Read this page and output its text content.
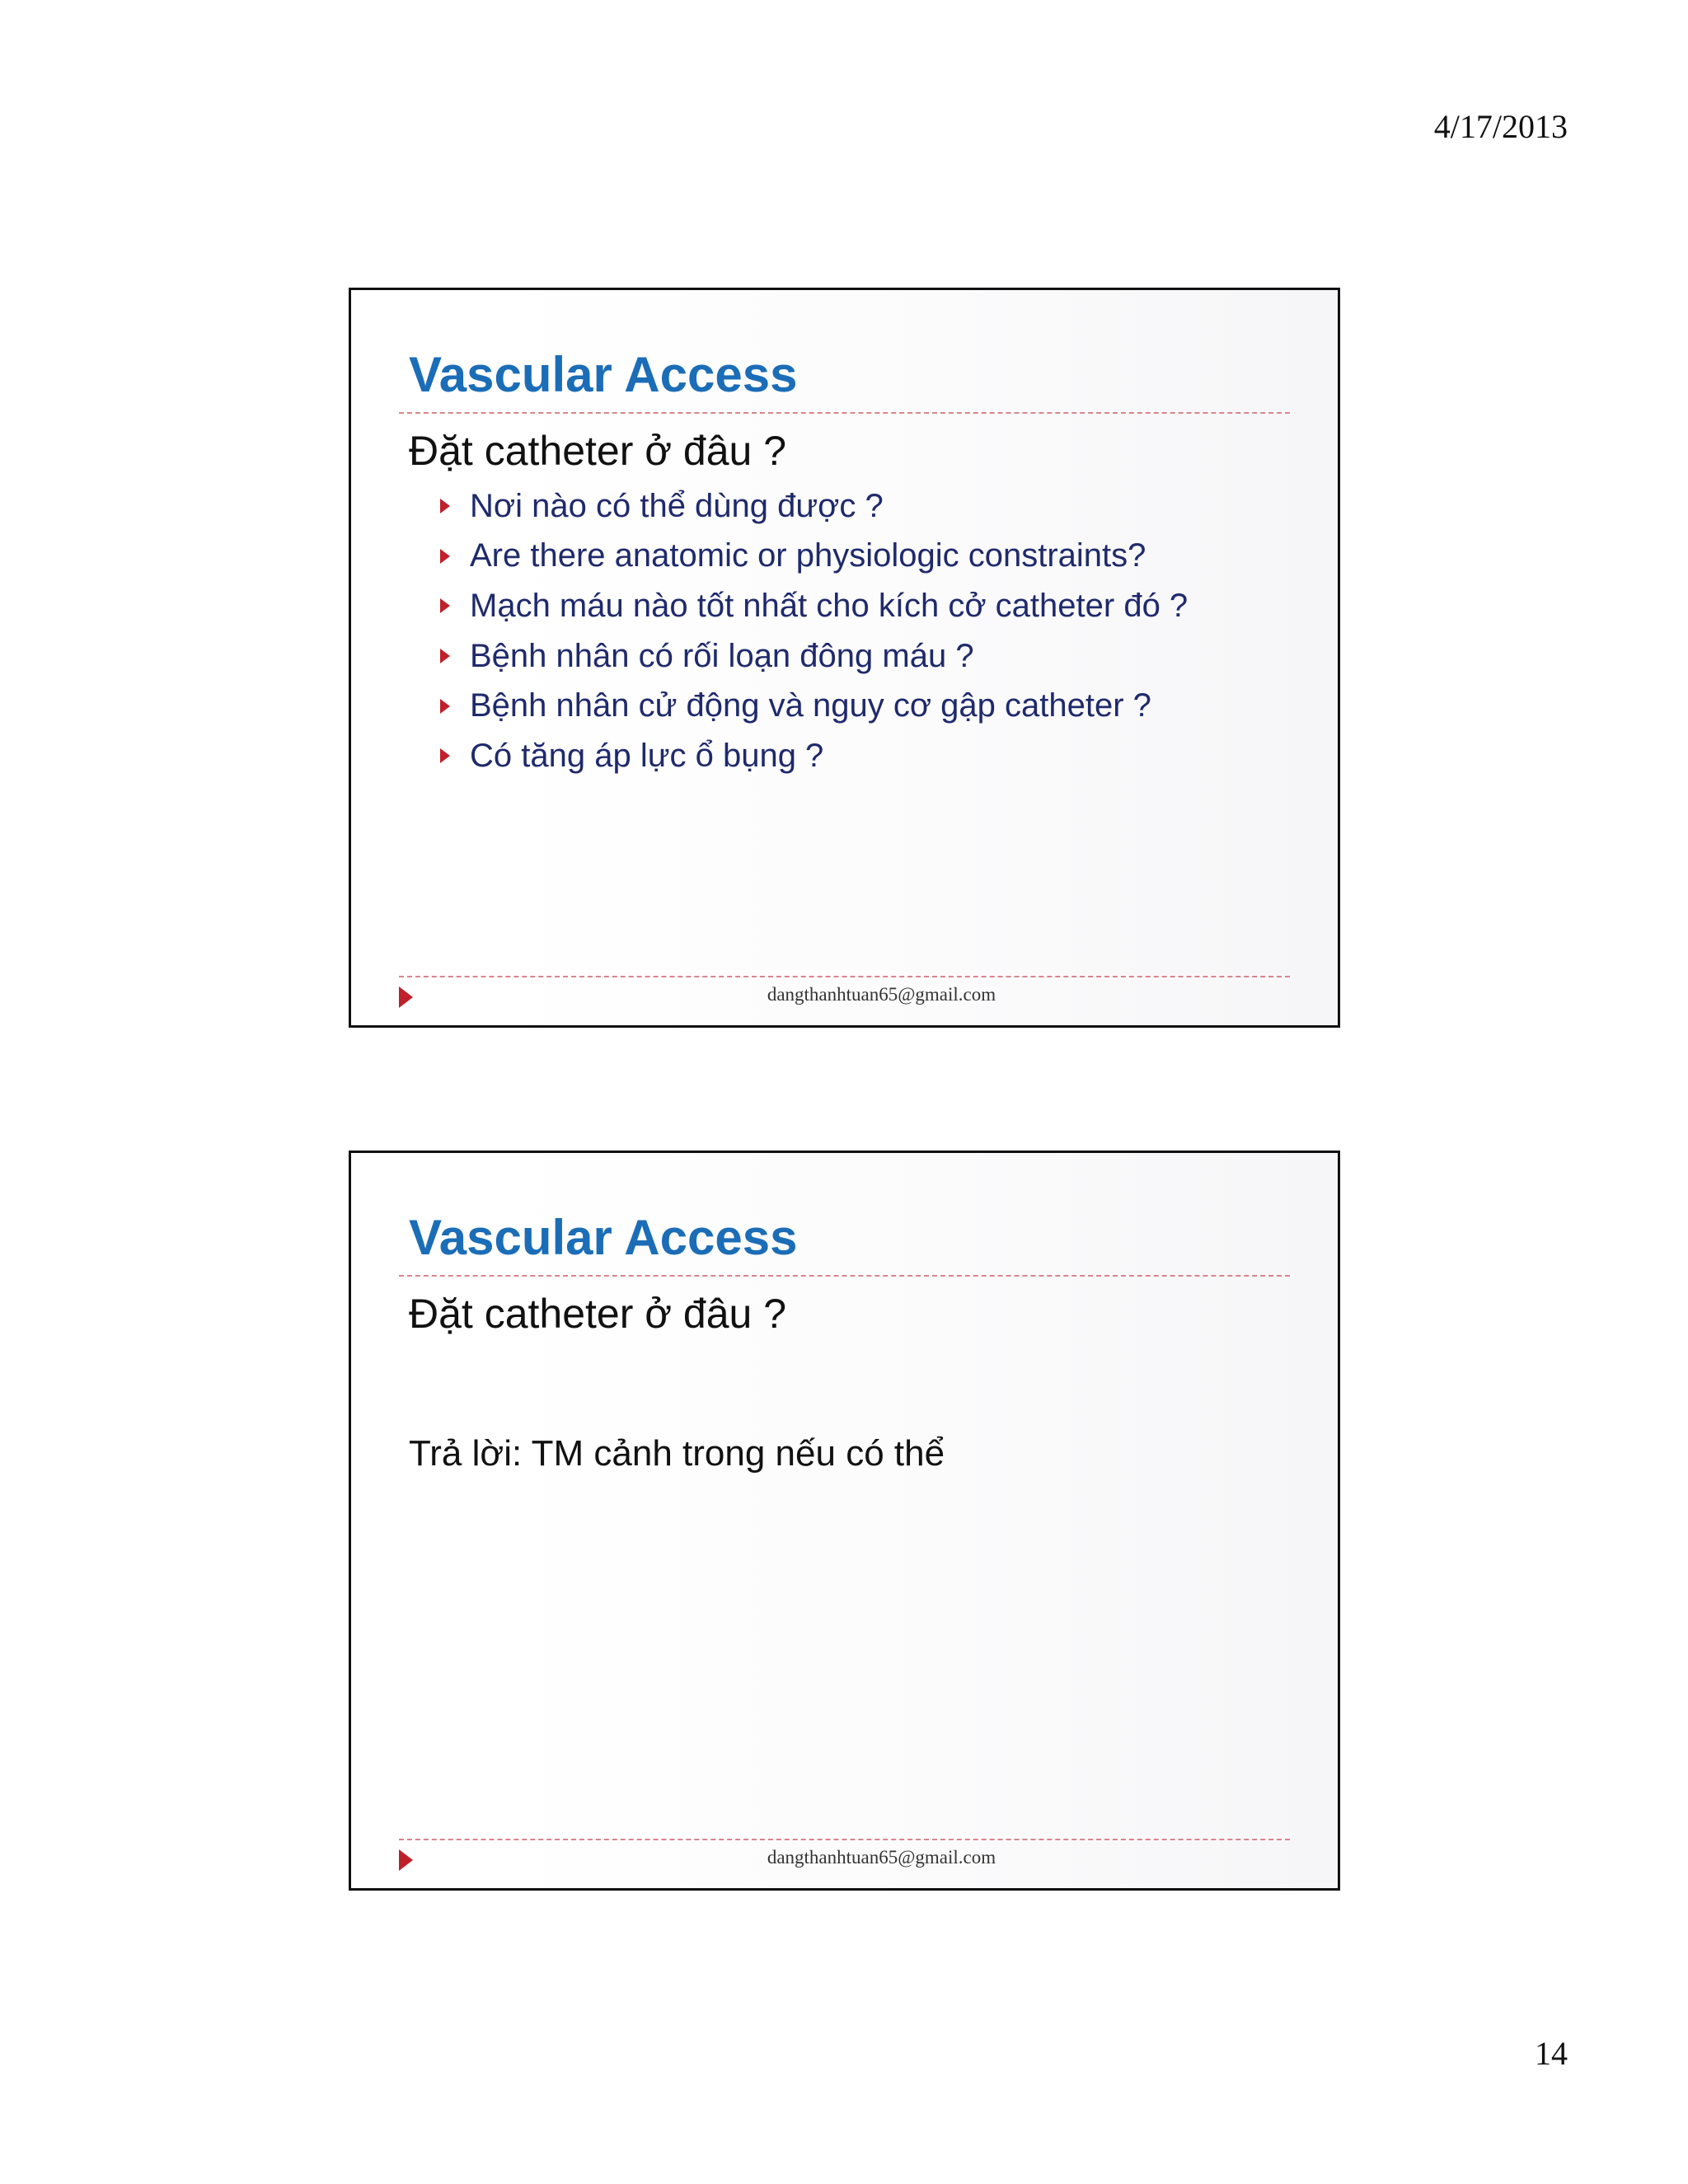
4/17/2013
Vascular Access
Đặt catheter ở đâu ?
Nơi nào có thể dùng được ?
Are there anatomic or physiologic constraints?
Mạch máu nào tốt nhất cho kích cở catheter đó ?
Bệnh nhân có rối loạn đông máu ?
Bệnh nhân cử động và nguy cơ gập catheter ?
Có tăng áp lực ổ bụng ?
dangthanhtuan65@gmail.com
Vascular Access
Đặt catheter ở đâu ?
Trả lời: TM cảnh trong nếu có thể
dangthanhtuan65@gmail.com
14
